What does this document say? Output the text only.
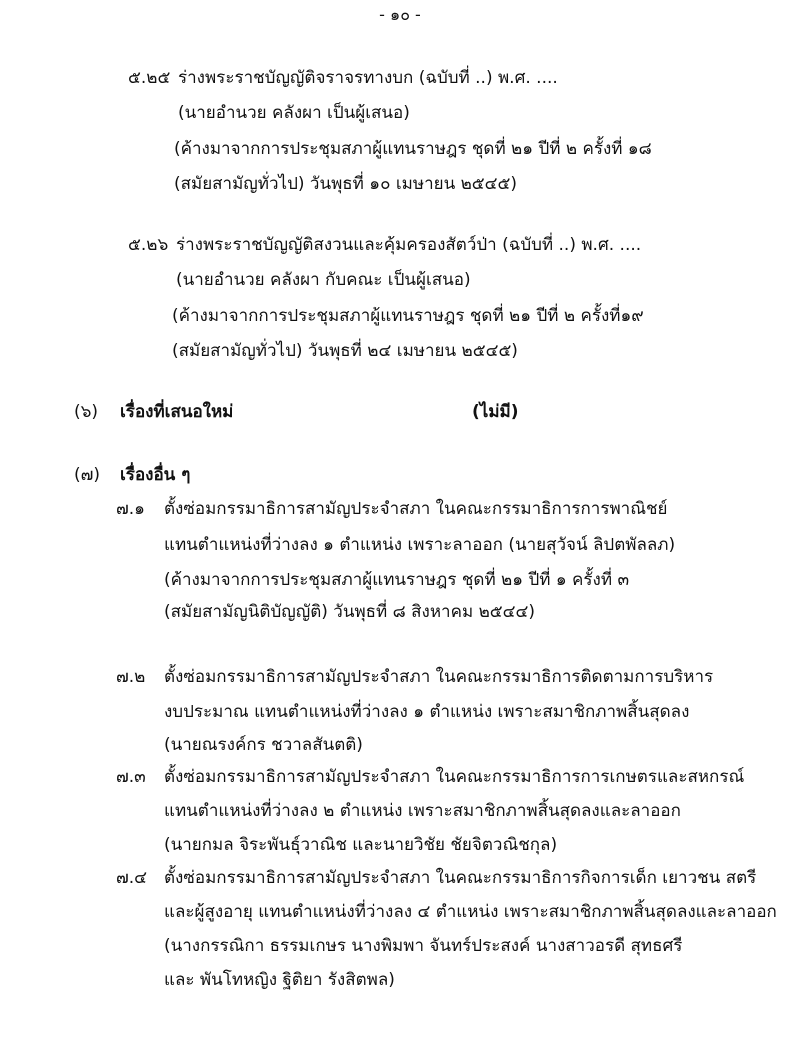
- ๑๐ -
๕.๒๕ ร่างพระราชบัญญัติจราจรทางบก (ฉบับที่ ..) พ.ศ. ....
(นายอำนวย คลังผา เป็นผู้เสนอ)
(ค้างมาจากการประชุมสภาผู้แทนราษฎร ชุดที่ ๒๑ ปีที่ ๒ ครั้งที่ ๑๘
(สมัยสามัญทั่วไป) วันพุธที่ ๑๐ เมษายน ๒๕๔๕)
๕.๒๖ ร่างพระราชบัญญัติสงวนและคุ้มครองสัตว์ป่า (ฉบับที่ ..) พ.ศ. ....
(นายอำนวย คลังผา กับคณะ เป็นผู้เสนอ)
(ค้างมาจากการประชุมสภาผู้แทนราษฎร ชุดที่ ๒๑ ปีที่ ๒ ครั้งที่๑๙
(สมัยสามัญทั่วไป) วันพุธที่ ๒๔ เมษายน ๒๕๔๕)
(๖) เรื่องที่เสนอใหม่	(ไม่มี)
(๗) เรื่องอื่น ๆ
๗.๑ ตั้งซ่อมกรรมาธิการสามัญประจำสภา ในคณะกรรมาธิการการพาณิชย์
แทนตำแหน่งที่ว่างลง ๑ ตำแหน่ง เพราะลาออก (นายสุวัจน์ ลิปตพัลลภ)
(ค้างมาจากการประชุมสภาผู้แทนราษฎร ชุดที่ ๒๑ ปีที่ ๑ ครั้งที่ ๓
(สมัยสามัญนิติบัญญัติ) วันพุธที่ ๘ สิงหาคม ๒๕๔๔)
๗.๒ ตั้งซ่อมกรรมาธิการสามัญประจำสภา ในคณะกรรมาธิการติดตามการบริหาร
งบประมาณ แทนตำแหน่งที่ว่างลง ๑ ตำแหน่ง เพราะสมาชิกภาพสิ้นสุดลง
(นายณรงค์กร ชวาลสันตติ)
๗.๓ ตั้งซ่อมกรรมาธิการสามัญประจำสภา ในคณะกรรมาธิการการเกษตรและสหกรณ์
แทนตำแหน่งที่ว่างลง ๒ ตำแหน่ง เพราะสมาชิกภาพสิ้นสุดลงและลาออก
(นายกมล จิระพันธุ์วาณิช และนายวิชัย ชัยจิตวณิชกุล)
๗.๔ ตั้งซ่อมกรรมาธิการสามัญประจำสภา ในคณะกรรมาธิการกิจการเด็ก เยาวชน สตรี
และผู้สูงอายุ แทนตำแหน่งที่ว่างลง ๔ ตำแหน่ง เพราะสมาชิกภาพสิ้นสุดลงและลาออก
(นางกรรณิกา ธรรมเกษร นางพิมพา จันทร์ประสงค์ นางสาวอรดี สุทธศรี
และ พันโทหญิง ฐิติยา รังสิตพล)
